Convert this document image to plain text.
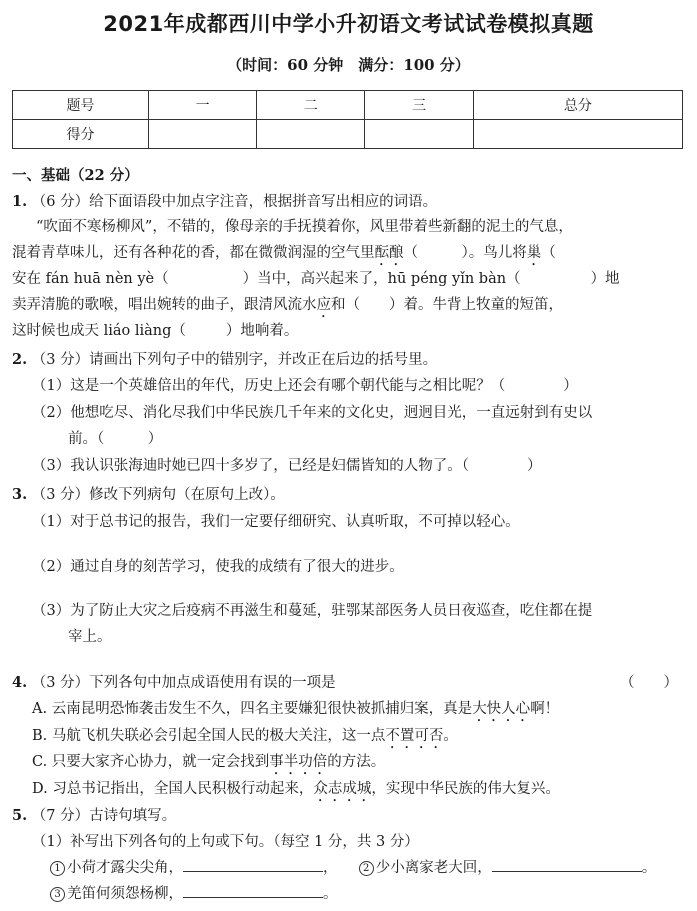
2021年成都西川中学小升初语文考试试卷模拟真题
（时间：60 分钟　满分：100 分）
题号	一	二	三	总分
得分				
一、基础（22 分）
1. （6 分）给下面语段中加点字注音，根据拼音写出相应的词语。
“吹面不寒杨柳风”，不错的，像母亲的手抚摸着你，风里带着些新翻的泥土的气息，
混着青草味儿，还有各种花的香，都在微微润湿的空气里酝酿（　　　）。鸟儿将巢（
安在 fán huā nèn yè（	）当中，高兴起来了，hū péng yǐn bàn（	）地
卖弄清脆的歌喉，唱出婉转的曲子，跟清风流水应和（　　）着。牛背上牧童的短笛，
这时候也成天 liáo liàng（	）地响着。
2. （3 分）请画出下列句子中的错别字，并改正在后边的括号里。
（1）这是一个英雄倍出的年代，历史上还会有哪个朝代能与之相比呢？（　　　　）
（2）他想吃尽、消化尽我们中华民族几千年来的文化史，迥迥目光，一直远射到有史以
前。（　　　）
（3）我认识张海迪时她已四十多岁了，已经是妇儒皆知的人物了。（　　　　）
3. （3 分）修改下列病句（在原句上改）。
（1）对于总书记的报告，我们一定要仔细研究、认真听取，不可掉以轻心。
（2）通过自身的刻苦学习，使我的成绩有了很大的进步。
（3）为了防止大灾之后疫病不再滋生和蔓延，驻鄂某部医务人员日夜巡查，吃住都在提
宰上。
4. （3 分）下列各句中加点成语使用有误的一项是	（　　）
A. 云南昆明恐怖袭击发生不久，四名主要嫌犯很快被抓捕归案，真是大快人心啊！
B. 马航飞机失联必会引起全国人民的极大关注，这一点不置可否。
C. 只要大家齐心协力，就一定会找到事半功倍的方法。
D. 习总书记指出，全国人民积极行动起来，众志成城，实现中华民族的伟大复兴。
5. （7 分）古诗句填写。
（1）补写出下列各句的上句或下句。（每空 1 分，共 3 分）
1 小荷才露尖尖角，	，	2 少小离家老大回，	。
3 羌笛何须怨杨柳，	。
